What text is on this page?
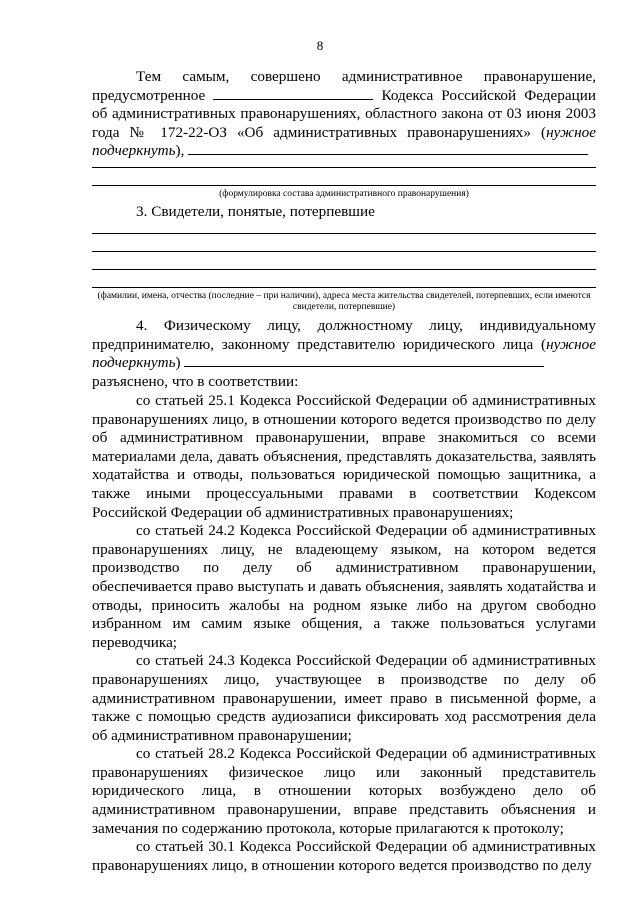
8

Тем самым, совершено административное правонарушение, предусмотренное	Кодекса Российской Федерации об административных правонарушениях, областного закона от 03 июня 2003 года № 172-22-ОЗ «Об административных правонарушениях» (нужное подчеркнуть),

(формулировка состава административного правонарушения)

3. Свидетели, понятые, потерпевшие

(фамилии, имена, отчества (последние – при наличии), адреса места жительства свидетелей, потерпевших, если имеются свидетели, потерпевшие)

4. Физическому лицу, должностному лицу, индивидуальному предпринимателю, законному представителю юридического лица (нужное подчеркнуть)

разъяснено, что в соответствии:

со статьей 25.1 Кодекса Российской Федерации об административных правонарушениях лицо, в отношении которого ведется производство по делу об административном правонарушении, вправе знакомиться со всеми материалами дела, давать объяснения, представлять доказательства, заявлять ходатайства и отводы, пользоваться юридической помощью защитника, а также иными процессуальными правами в соответствии Кодексом Российской Федерации об административных правонарушениях;

со статьей 24.2 Кодекса Российской Федерации об административных правонарушениях лицу, не владеющему языком, на котором ведется производство по делу об административном правонарушении, обеспечивается право выступать и давать объяснения, заявлять ходатайства и отводы, приносить жалобы на родном языке либо на другом свободно избранном им самим языке общения, а также пользоваться услугами переводчика;

со статьей 24.3 Кодекса Российской Федерации об административных правонарушениях лицо, участвующее в производстве по делу об административном правонарушении, имеет право в письменной форме, а также с помощью средств аудиозаписи фиксировать ход рассмотрения дела об административном правонарушении;

со статьей 28.2 Кодекса Российской Федерации об административных правонарушениях физическое лицо или законный представитель юридического лица, в отношении которых возбуждено дело об административном правонарушении, вправе представить объяснения и замечания по содержанию протокола, которые прилагаются к протоколу;

со статьей 30.1 Кодекса Российской Федерации об административных правонарушениях лицо, в отношении которого ведется производство по делу
